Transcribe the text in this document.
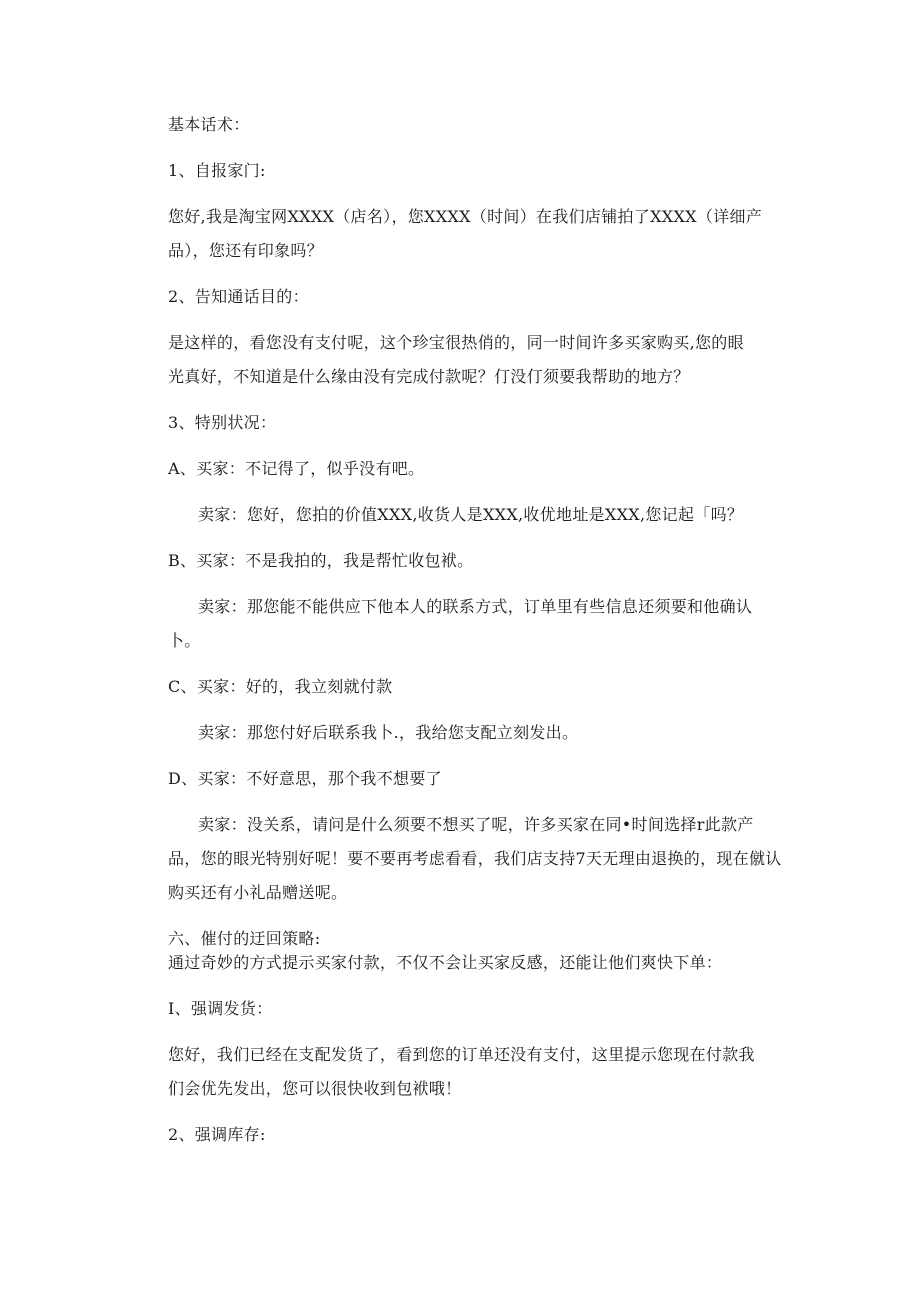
基本话术：

1、自报家门:

您好,我是淘宝网XXXX（店名），您XXXX（时间）在我们店铺拍了XXXX（详细产

品），您还有印象吗？

2、告知通话目的：

是这样的，看您没有支付呢，这个珍宝很热俏的，同一时间许多买家购买,您的眼

光真好，不知道是什么缘由没有完成付款呢？仃没仃须要我帮助的地方？

3、特别状况：

A、买家：不记得了，似乎没有吧。

卖家：您好，您拍的价值XXX,收货人是XXX,收优地址是XXX,您记起「吗？

B、买家：不是我拍的，我是帮忙收包袱。

卖家：那您能不能供应下他本人的联系方式，订单里有些信息还须要和他确认

卜。

C、买家：好的，我立刻就付款

卖家：那您付好后联系我卜.，我给您支配立刻发出。

D、买家：不好意思，那个我不想要了

卖家：没关系，请问是什么须要不想买了呢，许多买家在同•时间选择r此款产

品，您的眼光特别好呢！要不要再考虑看看，我们店支持7天无理由退换的，现在僦认

购买还有小礼品赠送呢。

六、催付的迂回策略:

通过奇妙的方式提示买家付款，不仅不会让买家反感，还能让他们爽快下单：

I、强调发货：

您好，我们已经在支配发货了，看到您的订单还没有支付，这里提示您现在付款我

们会优先发出，您可以很快收到包袱哦！

2、强调库存:
